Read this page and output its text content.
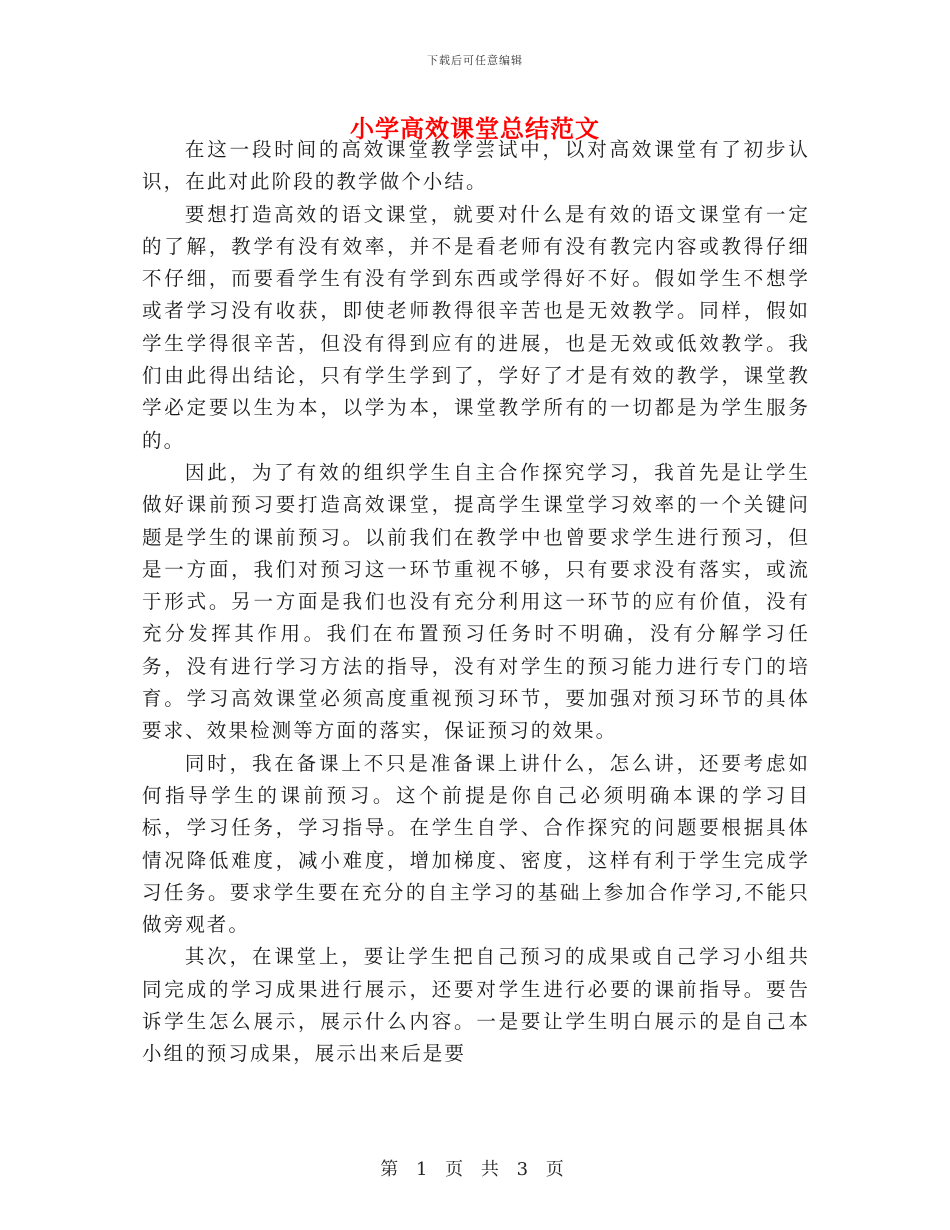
下载后可任意编辑
小学高效课堂总结范文

在这一段时间的高效课堂教学尝试中，以对高效课堂有了初步认识，在此对此阶段的教学做个小结。

要想打造高效的语文课堂，就要对什么是有效的语文课堂有一定的了解，教学有没有效率，并不是看老师有没有教完内容或教得仔细不仔细，而要看学生有没有学到东西或学得好不好。假如学生不想学或者学习没有收获，即使老师教得很辛苦也是无效教学。同样，假如学生学得很辛苦，但没有得到应有的进展，也是无效或低效教学。我们由此得出结论，只有学生学到了，学好了才是有效的教学，课堂教学必定要以生为本，以学为本，课堂教学所有的一切都是为学生服务的。

因此，为了有效的组织学生自主合作探究学习，我首先是让学生做好课前预习要打造高效课堂，提高学生课堂学习效率的一个关键问题是学生的课前预习。以前我们在教学中也曾要求学生进行预习，但是一方面，我们对预习这一环节重视不够，只有要求没有落实，或流于形式。另一方面是我们也没有充分利用这一环节的应有价值，没有充分发挥其作用。我们在布置预习任务时不明确，没有分解学习任务，没有进行学习方法的指导，没有对学生的预习能力进行专门的培育。学习高效课堂必须高度重视预习环节，要加强对预习环节的具体要求、效果检测等方面的落实，保证预习的效果。

同时，我在备课上不只是准备课上讲什么，怎么讲，还要考虑如何指导学生的课前预习。这个前提是你自己必须明确本课的学习目标，学习任务，学习指导。在学生自学、合作探究的问题要根据具体情况降低难度，减小难度，增加梯度、密度，这样有利于学生完成学习任务。要求学生要在充分的自主学习的基础上参加合作学习,不能只做旁观者。

其次，在课堂上，要让学生把自己预习的成果或自己学习小组共同完成的学习成果进行展示，还要对学生进行必要的课前指导。要告诉学生怎么展示，展示什么内容。一是要让学生明白展示的是自己本小组的预习成果，展示出来后是要

第 1 页 共 3 页
